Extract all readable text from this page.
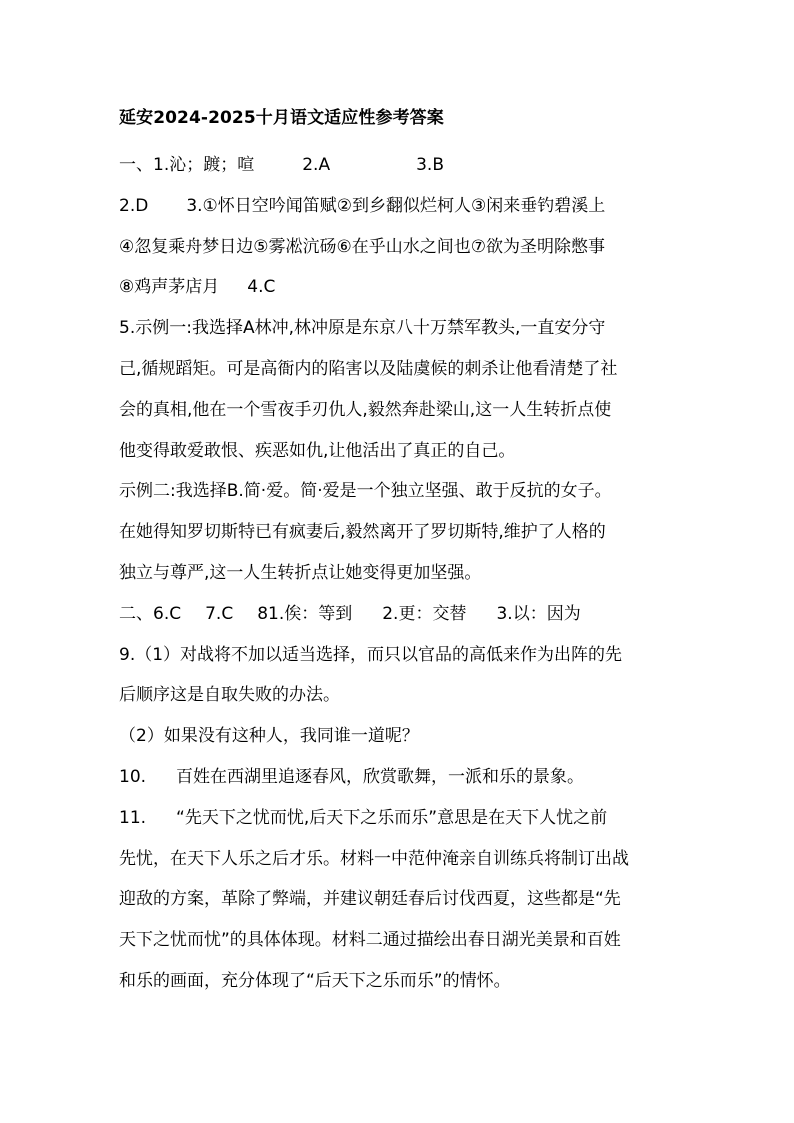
延安2024-2025十月语文适应性参考答案
一、1.沁；踱；喧	2.A	3.B
2.D 3.①怀日空吟闻笛赋②到乡翻似烂柯人③闲来垂钓碧溪上
④忽复乘舟梦日边⑤雾凇沆砀⑥在乎山水之间也⑦欲为圣明除憋事
⑧鸡声茅店月 4.C
5.示例一:我选择A林冲,林冲原是东京八十万禁军教头,一直安分守
己,循规蹈矩。可是高衙内的陷害以及陆虞候的刺杀让他看清楚了社
会的真相,他在一个雪夜手刃仇人,毅然奔赴梁山,这一人生转折点使
他变得敢爱敢恨、疾恶如仇,让他活出了真正的自己。
示例二:我选择B.简·爱。简·爱是一个独立坚强、敢于反抗的女子。
在她得知罗切斯特已有疯妻后,毅然离开了罗切斯特,维护了人格的
独立与尊严,这一人生转折点让她变得更加坚强。
二、6.C 7.C 81.俟：等到 2.更：交替 3.以：因为
9.（1）对战将不加以适当选择，而只以官品的高低来作为出阵的先
后顺序这是自取失败的办法。
（2）如果没有这种人，我同谁一道呢？
10. 百姓在西湖里追逐春风，欣赏歌舞，一派和乐的景象。
11. “先天下之忧而忧,后天下之乐而乐”意思是在天下人忧之前
先忧，在天下人乐之后才乐。材料一中范仲淹亲自训练兵将制订出战
迎敌的方案，革除了弊端，并建议朝廷春后讨伐西夏，这些都是“先
天下之忧而忧”的具体体现。材料二通过描绘出春日湖光美景和百姓
和乐的画面，充分体现了“后天下之乐而乐”的情怀。
